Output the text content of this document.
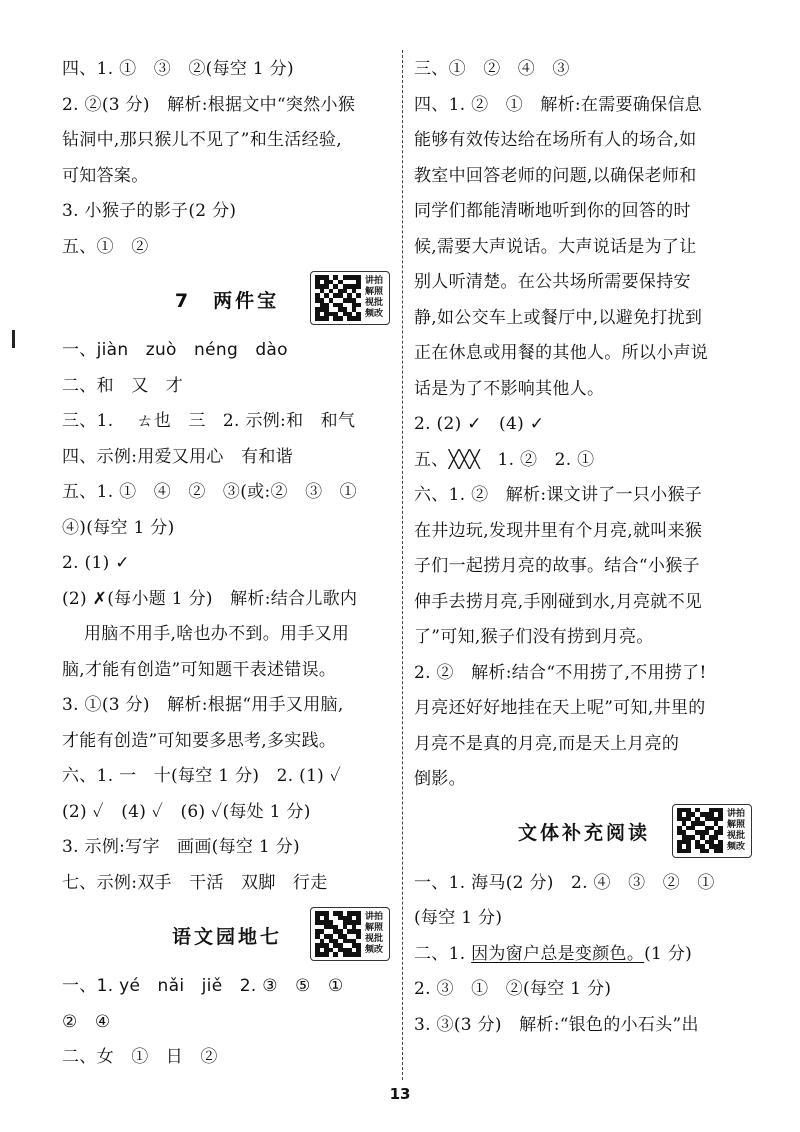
四、1. ①　③　②(每空 1 分)
2. ②(3 分)　解析:根据文中“突然小猴
钻洞中,那只猴儿不见了”和生活经验,
可知答案。
3. 小猴子的影子(2 分)
五、①　②
7　两件宝
讲拍解照视批频改
一、jiàn　zuò　néng　dào
二、和　又　才
三、1.　 ㄊ也　三　2. 示例:和　和气
四、示例:用爱又用心　有和谐
五、1. ①　④　②　③(或:②　③　①
④)(每空 1 分)
2. (1) ✓
(2) ✗(每小题 1 分)　解析:结合儿歌内
用脑不用手,啥也办不到。用手又用
脑,才能有创造”可知题干表述错误。
3. ①(3 分)　解析:根据“用手又用脑,
才能有创造”可知要多思考,多实践。
六、1. 一　十(每空 1 分)　2. (1) ✓
(2) ✓　(4) ✓　(6) ✓(每处 1 分)
3. 示例:写字　画画(每空 1 分)
七、示例:双手　干活　双脚　行走
语文园地七
讲拍解照视批频改
一、1. yé　nǎi　jiě　2. ③　⑤　①
②　④
二、女　①　日　②
三、①　②　④　③
四、1. ②　①　解析:在需要确保信息
能够有效传达给在场所有人的场合,如
教室中回答老师的问题,以确保老师和
同学们都能清晰地听到你的回答的时
候,需要大声说话。大声说话是为了让
别人听清楚。在公共场所需要保持安
静,如公交车上或餐厅中,以避免打扰到
正在休息或用餐的其他人。所以小声说
话是为了不影响其他人。
2. (2) ✓　(4) ✓
五、╳╳╳　1. ②　2. ①
六、1. ②　解析:课文讲了一只小猴子
在井边玩,发现井里有个月亮,就叫来猴
子们一起捞月亮的故事。结合“小猴子
伸手去捞月亮,手刚碰到水,月亮就不见
了”可知,猴子们没有捞到月亮。
2. ②　解析:结合“不用捞了,不用捞了!
月亮还好好地挂在天上呢”可知,井里的
月亮不是真的月亮,而是天上月亮的
倒影。
文体补充阅读
讲拍解照视批频改
一、1. 海马(2 分)　2. ④　③　②　①
(每空 1 分)
二、1. 因为窗户总是变颜色。(1 分)
2. ③　①　②(每空 1 分)
3. ③(3 分)　解析:“银色的小石头”出
13
